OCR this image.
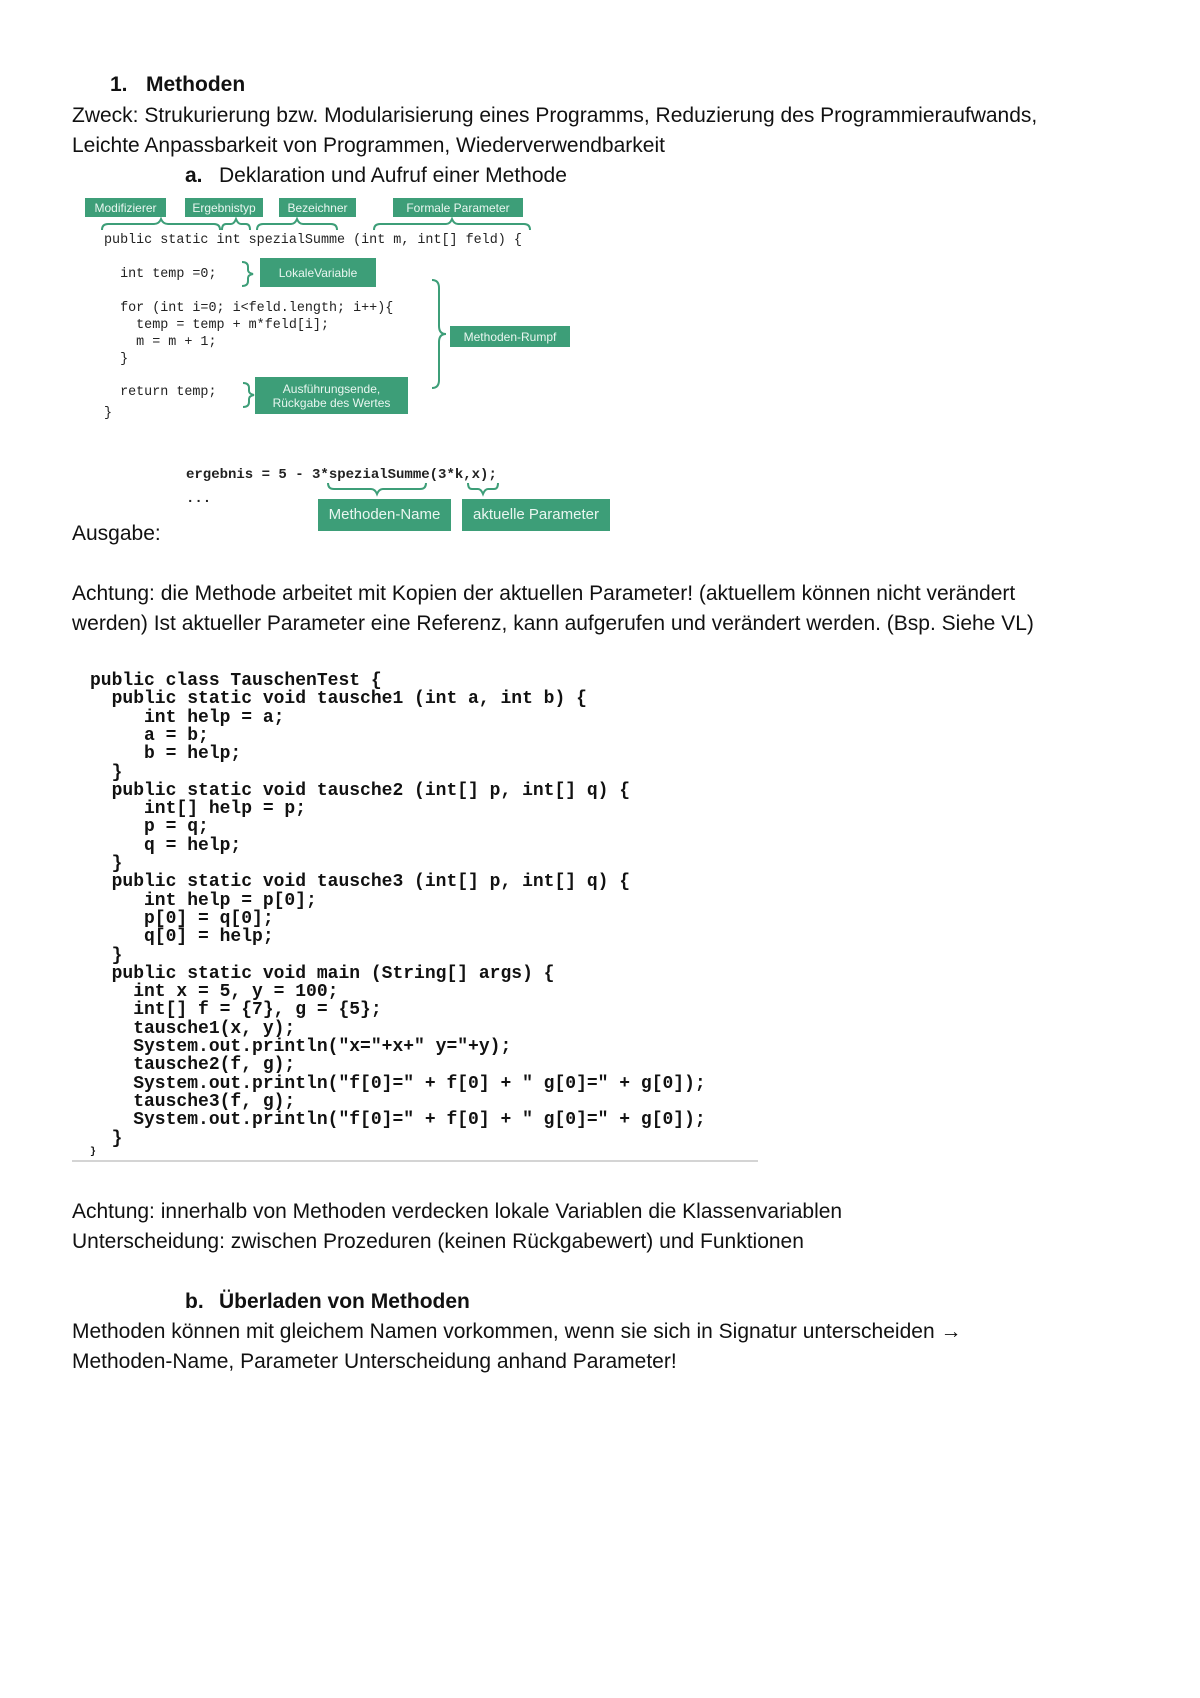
1. Methoden
Zweck: Strukurierung bzw. Modularisierung eines Programms, Reduzierung des Programmieraufwands,
Leichte Anpassbarkeit von Programmen, Wiederverwendbarkeit
a. Deklaration und Aufruf einer Methode
Modifizierer	Ergebnistyp	Bezeichner	Formale Parameter
public static int spezialSumme (int m, int[] feld) {
int temp =0;
for (int i=0; i<feld.length; i++){
temp = temp + m*feld[i];
m = m + 1;
}
return temp;
}
LokaleVariable
Methoden-Rumpf
Ausführungsende,
Rückgabe des Wertes
ergebnis = 5 - 3*spezialSumme(3*k,x);
...
Methoden-Name	aktuelle Parameter
Ausgabe:
Achtung: die Methode arbeitet mit Kopien der aktuellen Parameter! (aktuellem können nicht verändert
werden) Ist aktueller Parameter eine Referenz, kann aufgerufen und verändert werden. (Bsp. Siehe VL)
public class TauschenTest {
public static void tausche1 (int a, int b) {
int help = a;
a = b;
b = help;
}
public static void tausche2 (int[] p, int[] q) {
int[] help = p;
p = q;
q = help;
}
public static void tausche3 (int[] p, int[] q) {
int help = p[0];
p[0] = q[0];
q[0] = help;
}
public static void main (String[] args) {
int x = 5, y = 100;
int[] f = {7}, g = {5};
tausche1(x, y);
System.out.println("x="+x+" y="+y);
tausche2(f, g);
System.out.println("f[0]=" + f[0] + " g[0]=" + g[0]);
tausche3(f, g);
System.out.println("f[0]=" + f[0] + " g[0]=" + g[0]);
}
}
Achtung: innerhalb von Methoden verdecken lokale Variablen die Klassenvariablen
Unterscheidung: zwischen Prozeduren (keinen Rückgabewert) und Funktionen
b. Überladen von Methoden
Methoden können mit gleichem Namen vorkommen, wenn sie sich in Signatur unterscheiden →
Methoden-Name, Parameter Unterscheidung anhand Parameter!
